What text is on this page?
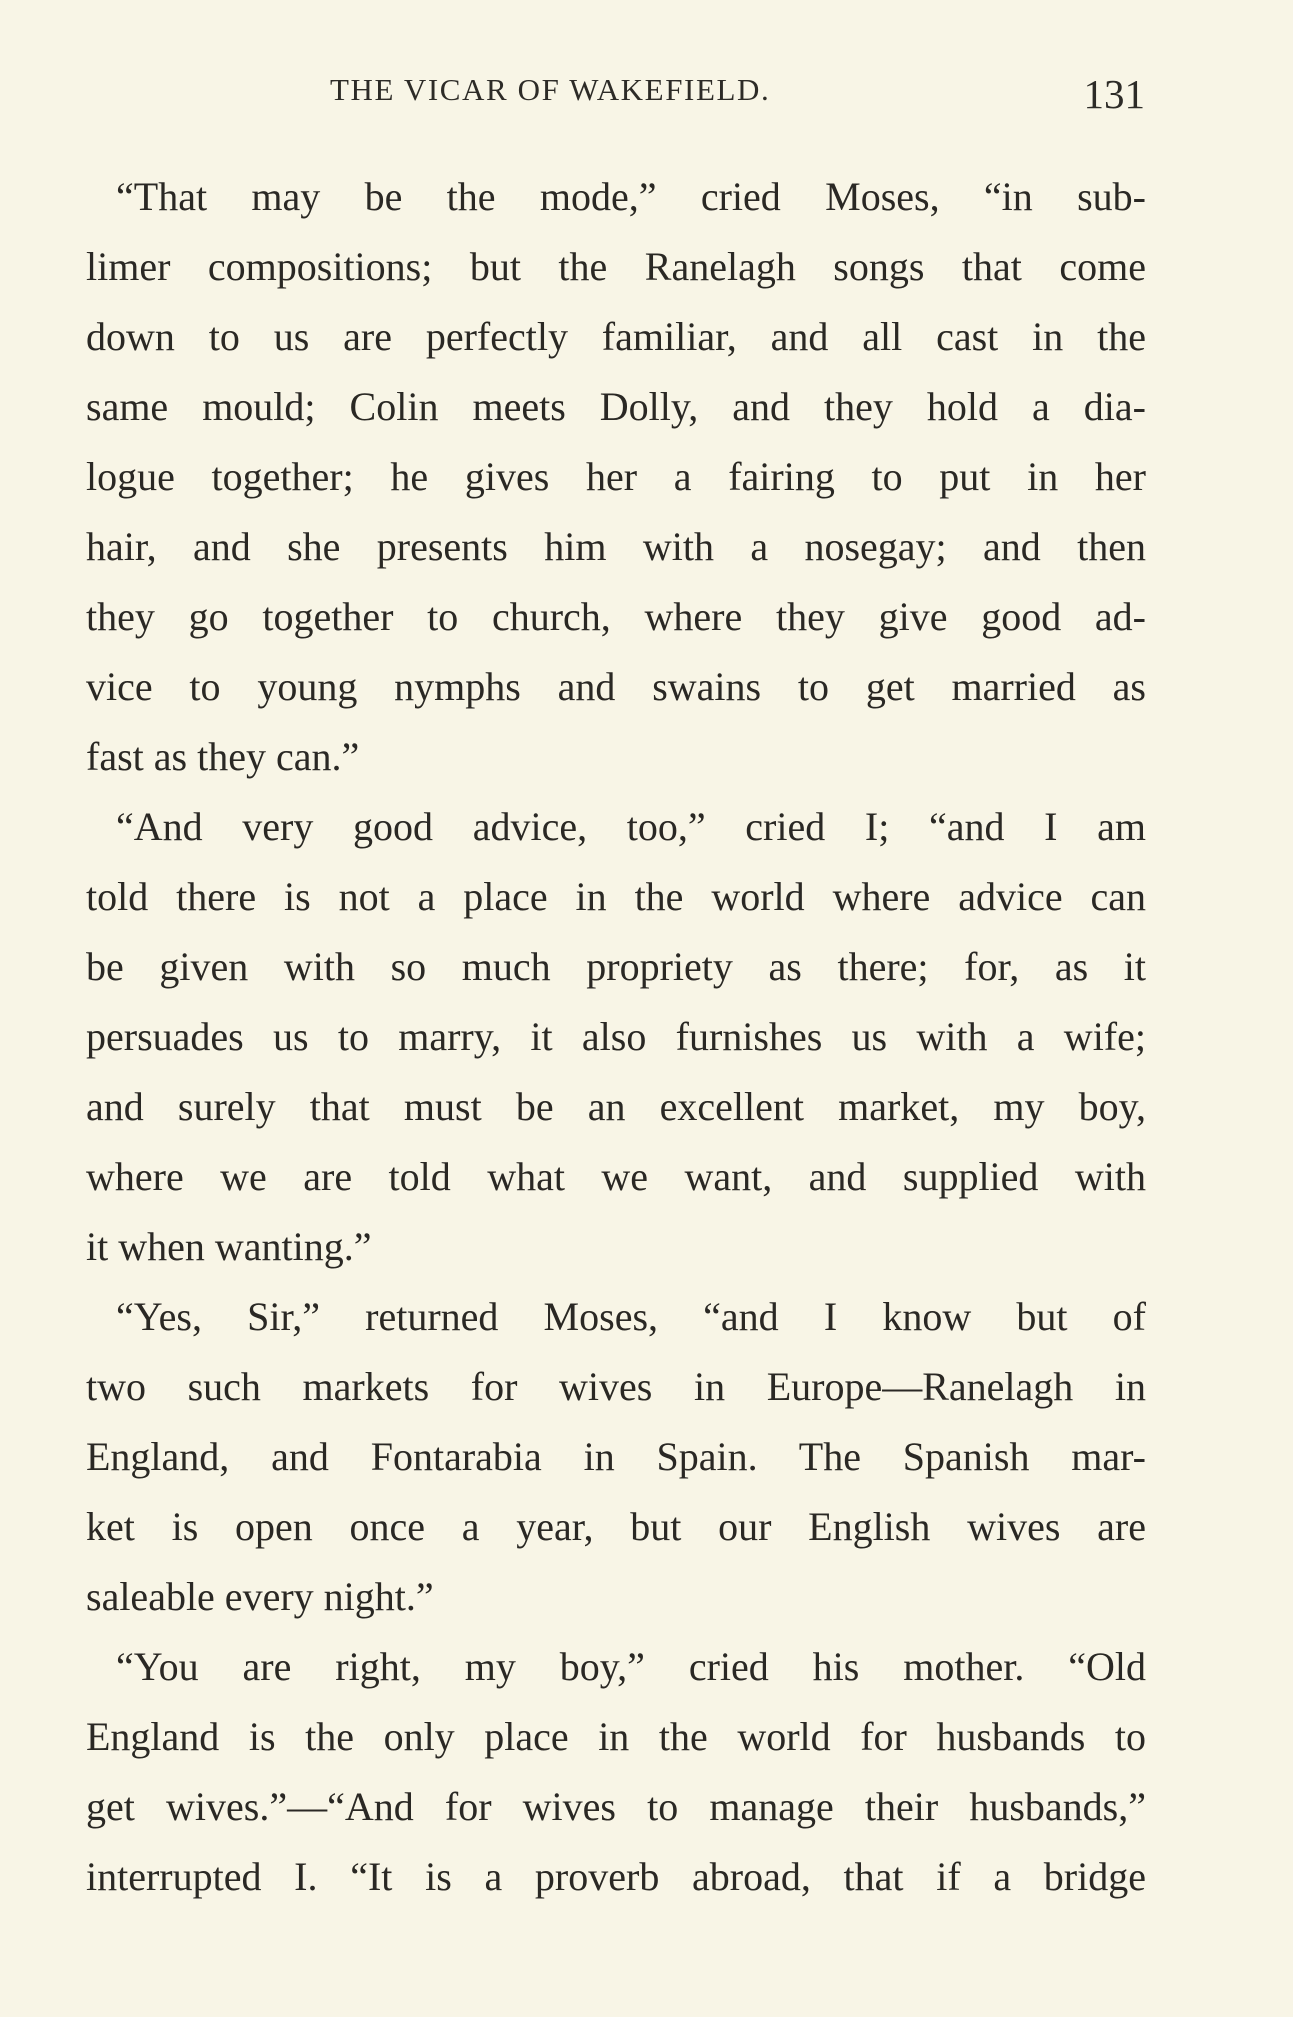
THE VICAR OF WAKEFIELD.	131
“That may be the mode,” cried Moses, “in sub-
limer compositions; but the Ranelagh songs that come
down to us are perfectly familiar, and all cast in the
same mould; Colin meets Dolly, and they hold a dia-
logue together; he gives her a fairing to put in her
hair, and she presents him with a nosegay; and then
they go together to church, where they give good ad-
vice to young nymphs and swains to get married as
fast as they can.”
“And very good advice, too,” cried I; “and I am
told there is not a place in the world where advice can
be given with so much propriety as there; for, as it
persuades us to marry, it also furnishes us with a wife;
and surely that must be an excellent market, my boy,
where we are told what we want, and supplied with
it when wanting.”
“Yes, Sir,” returned Moses, “and I know but of
two such markets for wives in Europe—Ranelagh in
England, and Fontarabia in Spain. The Spanish mar-
ket is open once a year, but our English wives are
saleable every night.”
“You are right, my boy,” cried his mother. “Old
England is the only place in the world for husbands to
get wives.”—“And for wives to manage their husbands,”
interrupted I. “It is a proverb abroad, that if a bridge
